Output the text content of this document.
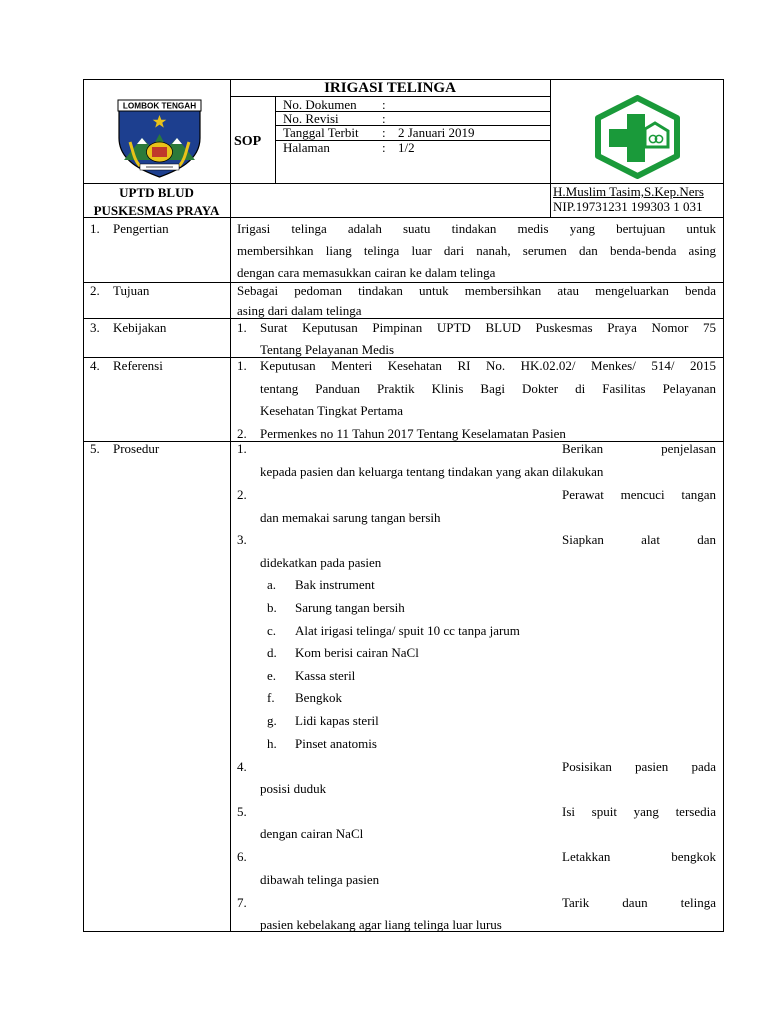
IRIGASI TELINGA
SOP
No. Dokumen :
No. Revisi	:
Tanggal Terbit : 2 Januari 2019
Halaman	: 1/2
LOMBOK TENGAH
UPTD BLUD
PUSKESMAS PRAYA
H.Muslim Tasim,S.Kep.Ners
NIP.19731231 199303 1 031
1. Pengertian	Irigasi telinga adalah suatu tindakan medis yang bertujuan untuk
membersihkan liang telinga luar dari nanah, serumen dan benda-benda asing
dengan cara memasukkan cairan ke dalam telinga
2. Tujuan	Sebagai pedoman tindakan untuk membersihkan atau mengeluarkan benda
asing dari dalam telinga
3. Kebijakan	1. Surat Keputusan Pimpinan UPTD BLUD Puskesmas Praya Nomor 75
Tentang Pelayanan Medis
4. Referensi	1. Keputusan Menteri Kesehatan RI No. HK.02.02/ Menkes/ 514/ 2015
tentang Panduan Praktik Klinis Bagi Dokter di Fasilitas Pelayanan
Kesehatan Tingkat Pertama
2. Permenkes no 11 Tahun 2017 Tentang Keselamatan Pasien
5. Prosedur	1.	Berikan penjelasan
kepada pasien dan keluarga tentang tindakan yang akan dilakukan
2.	Perawat mencuci tangan
dan memakai sarung tangan bersih
3.	Siapkan alat dan
didekatkan pada pasien
a. Bak instrument
b. Sarung tangan bersih
c. Alat irigasi telinga/ spuit 10 cc tanpa jarum
d. Kom berisi cairan NaCl
e. Kassa steril
f. Bengkok
g. Lidi kapas steril
h. Pinset anatomis
4.	Posisikan pasien pada
posisi duduk
5.	Isi spuit yang tersedia
dengan cairan NaCl
6.	Letakkan bengkok
dibawah telinga pasien
7.	Tarik daun telinga
pasien kebelakang agar liang telinga luar lurus
